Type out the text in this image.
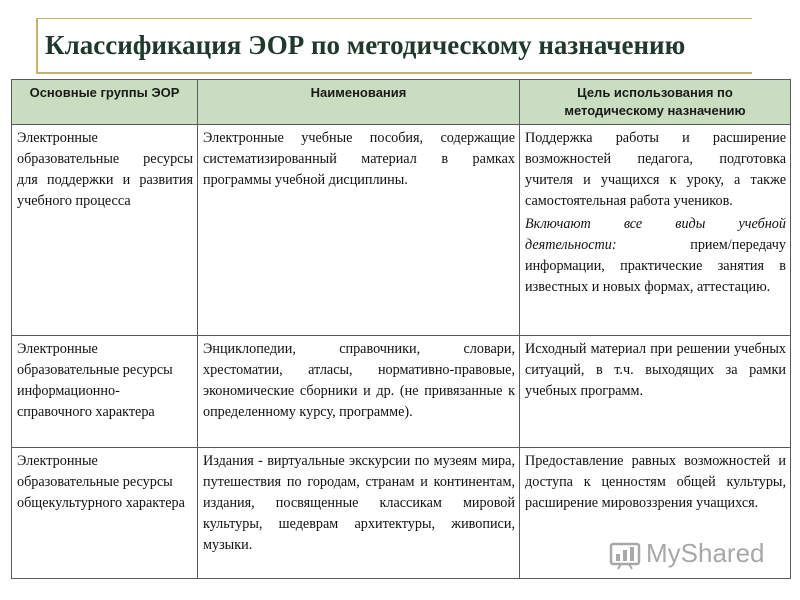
Классификация ЭОР по методическому назначению
Основные группы ЭОР	Наименования	Цель использования по методическому назначению
Электронные образовательные ресурсы для поддержки и развития учебного процесса	Электронные учебные пособия, содержащие систематизированный материал в рамках программы учебной дисциплины.	Поддержка работы и расширение возможностей педагога, подготовка учителя и учащихся к уроку, а также самостоятельная работа учеников.
Включают все виды учебной деятельности: прием/передачу информации, практические занятия в известных и новых формах, аттестацию.

Электронные образовательные ресурсы информационно-справочного характера	Энциклопедии, справочники, словари, хрестоматии, атласы, нормативно-правовые, экономические сборники и др. (не привязанные к определенному курсу, программе).	Исходный материал при решении учебных ситуаций, в т.ч. выходящих за рамки учебных программ.
Электронные образовательные ресурсы общекультурного характера	Издания - виртуальные экскурсии по музеям мира, путешествия по городам, странам и континентам, издания, посвященные классикам мировой культуры, шедеврам архитектуры, живописи, музыки.	Предоставление равных возможностей и доступа к ценностям общей культуры, расширение мировоззрения учащихся.
MyShared
